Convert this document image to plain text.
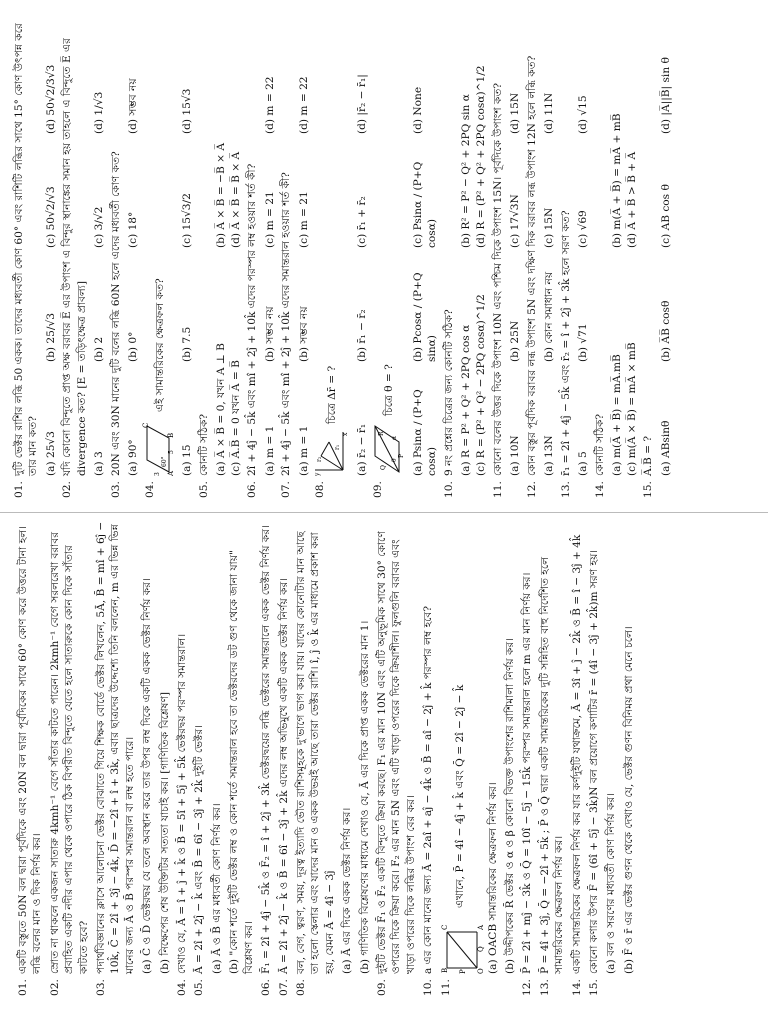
01.
একটি বস্তুতে 50N বল দ্বারা পূর্বদিকে এবং 20N বল দ্বারা পূর্বদিকের সাথে 60° কোণ করে উত্তরে টানা হল। লব্ধি বলের মান ও দিক নির্ণয় কর।
02.
স্রোত না থাকলে একজন সাতারু 4kmh⁻¹ বেগে সাঁতার কাটতে পারেন। 2kmh⁻¹ বেগে সরলরেখা বরাবর প্রবাহিত একটি নদীর এপার থেকে ওপারে ঠিক বিপরীত বিন্দুতে যেতে হলে সাতারুকে কোন দিকে সাঁতার কাটতে হবে?
03.
পদার্থবিজ্ঞানের ক্লাসে আলোচনা ভেক্টর বোঝাতে গিয়ে শিক্ষক বোর্ডে ভেক্টর লিখলেন, 5Ā, B̄ = mî + 6ĵ − 10k̂, C̄ = 2î + 3ĵ − 4k̂, D̄ = −2î + î + 3k̂, এবার ছাত্রদের উদ্দেশ্যে তিনি বললেন, m এর ভিন্ন ভিন্ন মানের জন্য Ā ও B̄ পরস্পর সমান্তরাল বা লম্ব হতে পারে। (a) C̄ ও D̄ ভেক্টরদ্বয় যে তলে অবস্থান করে তার উপর লম্ব দিকে একটি একক ভেক্টর নির্ণয় কর। (b) নিক্ষেপের শেষ উক্তিটির সত্যতা যাচাই কর। [গাণিতিক বিশ্লেষণ]
04.
দেখাও যে, Ā = î + ĵ + k̂ ও B̄ = 5î + 5ĵ + 5k̂ ভেক্টরদ্বয় পরস্পর সমান্তরাল।
05.
Ā = 2î + 2ĵ − k̂ এবং B̄ = 6î − 3ĵ + 2k̂ দুইটি ভেক্টর। (a) Ā ও B̄ এর মধ্যবর্তী কোণ নির্ণয় কর। (b) "কোন শর্তে দুইটি ভেক্টর লম্ব ও কোন শর্তে সমান্তরাল হবে তা ভেক্টরদের ডট গুণ থেকে জানা যায়" বিশ্লেষণ কর।
06.
F̄₁ = 2î + 4ĵ − 5k̂ ও F̄₂ = î + 2ĵ + 3k̂ ভেক্টরদ্বয়ের লব্ধি ভেক্টরের সমান্তরালে একক ভেক্টর নির্ণয় কর।
07.
Ā = 2î + 2ĵ − k̂ ও B̄ = 6î − 3ĵ + 2k̂ এদের লম্ব অভিমুখে একটি একক ভেক্টর নির্ণয় কর।
08.
বল, বেগ, ত্বরণ, সময়, দূরত্ব ইত্যাদি ভৌত রাশিসমূহকে দু'ভাগে ভাগ করা যায়। যাদের কোনোটার মান আছে তা হলো স্কেলার এবং যাদের মান ও একক উভয়ই আছে তারা ভেক্টর রাশি। î, ĵ ও k̂ এর মাধ্যমে প্রকাশ করা হয়, যেমন Ā = 4î − 3ĵ (a) Ā এর দিকে একক ভেক্টর নির্ণয় কর। (b) গাণিতিক বিশ্লেষণের মাধ্যমে দেখাও যে, Ā এর দিকে প্রাপ্ত একক ভেক্টরের মান 1।
09.
দুইটি ভেক্টর F̄₁ ও F̄₂ একটি বিন্দুতে ক্রিয়া করছে। F₁ এর মান 10N এবং এটি অনুভূমিক সাথে 30° কোণে ওপরের দিকে ক্রিয়া করে। F₂ এর মান 5N এবং এটি খাড়া ওপরের দিকে ক্রিয়াশীল। ফুলগুলি বরাবর এবং খাড়া ওপরের দিকে লব্ধির উপাংশ বের কর।
10.
a এর কোন মানের জন্য Ā = 2aî + aĵ − 4k̂ ও B̄ = aî − 2ĵ + k̂ পরস্পর লম্ব হবে?
11.
B
C
P
Q
O
A
এখানে, P̄ = 4î − 4ĵ + k̂ এবং Q̄ = 2î − 2ĵ − k̂ (a) OACB সামান্তরিকের ক্ষেত্রফল নির্ণয় কর। (b) উদ্দীপকের R̄ ভেক্টর ও α ও β কোনো বিভক্ত উপাংশের রাশিমালা নির্ণয় কর।
12.
P̄ = 2î + mĵ − 3k̂ ও Q̄ = 10î − 5ĵ − 15k̂ পরস্পর সমান্তরাল হলে m এর মান নির্ণয় কর।
13.
P̄ = 4î + 3ĵ, Q̄ = −2î + 5k̂ ; P̄ ও Q̄ দ্বারা একটি সামান্তরিকের দুটি সন্নিহিত বাহু নির্দেশিত হলে সামান্তরিকের ক্ষেত্রফল নির্ণয় কর।
14.
একটি সামান্তরিকের ক্ষেত্রফল নির্ণয় কর যার কর্ণদুইটি যথাক্রমে, Ā = 3î + ĵ − 2k̂ ও B̄ = î − 3ĵ + 4k̂
15.
কোনো কণার উপর F̄ = (6î + 5ĵ − 3k̂)N বল প্রয়োগে কণাটির r̄ = (4î − 3ĵ + 2k̂)m সরণ হয়। (a) বল ও সরণের মধ্যবর্তী কোণ নির্ণয় কর। (b) F̄ ও r̄ এর ভেক্টর গুণন থেকে দেখাও যে, ভেক্টর গুণন বিনিময় প্রথা মেনে চলে।
01.
দুটি ভেক্টর রাশির লব্ধি 50 একক। তাদের মধ্যবর্তী কোণ 60° এবং রাশিটি লব্ধির সাথে 15° কোণ উৎপন্ন করে তার মান কত? (a) 25√3
(b) 25/√3
(c) 50√2/√3
(d) 50√2/3√3
02.
যদি কোনো বিন্দুতে প্রাপ্ত অক্ষ বরাবর E̅ এর উপাংশ এ বিন্দুর স্থানাঙ্কের সমান হয় তাহলে এ বিন্দুতে E̅ এর divergence কত? [E = তড়িৎক্ষেত্র প্রাবল্য] (a) 3
(b) 2
(c) 3/√2
(d) 1/√3
03.
20N এবং 30N মানের দুটি বলের লব্ধি 60N হলে এদের মধ্যবর্তী কোণ কত? (a) 90°
(b) 0°
(c) 18°
(d) সম্ভব নয়
04.
C
A
B
60°
5
3
এই সামান্তরিকের ক্ষেত্রফল কত?
(a) 15
(b) 7.5
(c) 15√3/2
(d) 15√3
05.
কোনটি সঠিক? (a) A̅ × B̅ = 0, যখন A ⊥ B
(b) A̅ × B̅ = −B̅ × A̅
(c) A̅.B̅ = 0 যখন A̅ = B̅
(d) A̅ × B̅ = B̅ × A̅
06.
2î + 4ĵ − 5k̂ এবং mî + 2ĵ + 10k̂ এদের পরস্পর লম্ব হওয়ার শর্ত কী? (a) m = 1
(b) সম্ভব নয়
(c) m = 21
(d) m = 22
07.
2î + 4ĵ − 5k̂ এবং mî + 2ĵ + 10k̂ এদের সমান্তরাল হওয়ার শর্ত কী? (a) m = 1
(b) সম্ভব নয়
(c) m = 21
(d) m = 22
08.
y
r₂
r₁
x
চিত্রে Δr̄ = ?
(a) r̄₂ − r̄₁
(b) r̄₁ − r̄₂
(c) r̄₁ + r̄₂
(d) |r̄₂ − r̄₁|
09.
R
Q
P
θ
α
চিত্রে θ = ? (a) Psinα / (P+Q cosα)
(b) Pcosα / (P+Q sinα)
(c) Psinα / (P+Q cosα)
(d) None
10.
9 নং প্রশ্নের চিত্রের জন্য কোনটি সঠিক? (a) R = P² + Q² + 2PQ cos α
(b) R² = P² − Q² + 2PQ sin α
(c) R = (P² + Q² − 2PQ cosα)^1/2
(d) R = (P² + Q² + 2PQ cosα)^1/2
11.
কোনো বলের উত্তর দিকে উপাংশ 10N এবং পশ্চিম দিকে উপাংশ 15N। পূর্বদিকে উপাংশ কত? (a) 10N
(b) 25N
(c) 17√3N
(d) 15N
12.
কোন বস্তুর পূর্বদিক বরাবর লব্ধ উপাংশ 5N এবং দক্ষিণ দিক বরাবর লব্ধ উপাংশ 12N হলে লব্ধি কত? (a) 13N
(b) কোন সমাধান নয়
(c) 15N
(d) 11N
13.
r̄₁ = 2î + 4ĵ − 5k̂ এবং r̄₂ = î + 2ĵ + 3k̂ হলে সরণ কত? (a) 5
(b) √71
(c) √69
(d) √15
14.
কোনটি সঠিক? (a) m(A̅ + B̅) = mA̅.mB̅
(b) m(A̅ + B̅) = mA̅ + mB̅
(c) m(A̅ × B̅) = mA̅ × mB̅
(d) A̅ + B̅ > B̅ + A̅
15.
A̅.B̅ = ? (a) ABsinθ
(b) A̅B̅ cosθ
(c) AB cos θ
(d) |A̅||B̅| sin θ
